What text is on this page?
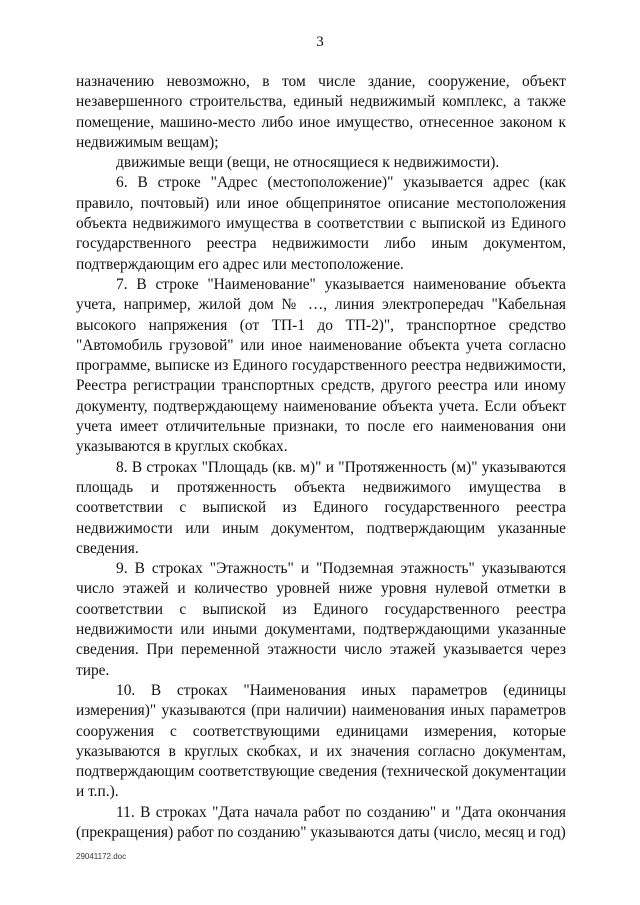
3

назначению невозможно, в том числе здание, сооружение, объект незавершенного строительства, единый недвижимый комплекс, а также помещение, машино-место либо иное имущество, отнесенное законом к недвижимым вещам);

движимые вещи (вещи, не относящиеся к недвижимости).

6. В строке "Адрес (местоположение)" указывается адрес (как правило, почтовый) или иное общепринятое описание местоположения объекта недвижимого имущества в соответствии с выпиской из Единого государственного реестра недвижимости либо иным документом, подтверждающим его адрес или местоположение.

7. В строке "Наименование" указывается наименование объекта учета, например, жилой дом № …, линия электропередач "Кабельная высокого напряжения (от ТП-1 до ТП-2)", транспортное средство "Автомобиль грузовой" или иное наименование объекта учета согласно программе, выписке из Единого государственного реестра недвижимости, Реестра регистрации транспортных средств, другого реестра или иному документу, подтверждающему наименование объекта учета. Если объект учета имеет отличительные признаки, то после его наименования они указываются в круглых скобках.

8. В строках "Площадь (кв. м)" и "Протяженность (м)" указываются площадь и протяженность объекта недвижимого имущества в соответствии с выпиской из Единого государственного реестра недвижимости или иным документом, подтверждающим указанные сведения.

9. В строках "Этажность" и "Подземная этажность" указываются число этажей и количество уровней ниже уровня нулевой отметки в соответствии с выпиской из Единого государственного реестра недвижимости или иными документами, подтверждающими указанные сведения. При переменной этажности число этажей указывается через тире.

10. В строках "Наименования иных параметров (единицы измерения)" указываются (при наличии) наименования иных параметров сооружения с соответствующими единицами измерения, которые указываются в круглых скобках, и их значения согласно документам, подтверждающим соответствующие сведения (технической документации и т.п.).

11. В строках "Дата начала работ по созданию" и "Дата окончания (прекращения) работ по созданию" указываются даты (число, месяц и год)

29041172.doc
